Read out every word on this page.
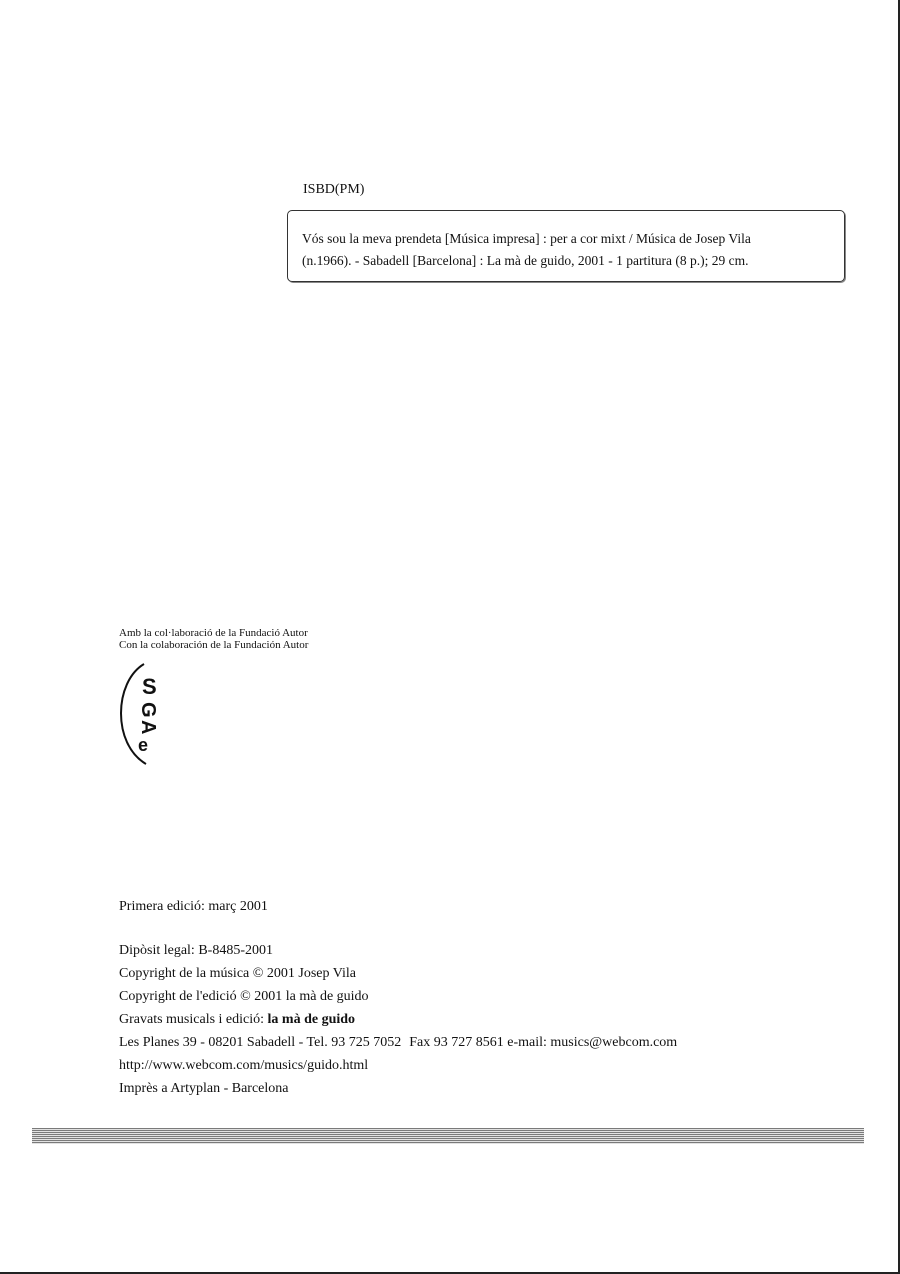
ISBD(PM)
Vós sou la meva prendeta [Música impresa] : per a cor mixt / Música de Josep Vila
(n.1966). - Sabadell [Barcelona] : La mà de guido, 2001 - 1 partitura (8 p.); 29 cm.
Amb la col·laboració de la Fundació Autor
Con la colaboración de la Fundación Autor
S
G
A
e
Primera edició: març 2001
Dipòsit legal: B-8485-2001
Copyright de la música © 2001 Josep Vila
Copyright de l'edició © 2001 la mà de guido
Gravats musicals i edició: la mà de guido
Les Planes 39 - 08201 Sabadell - Tel. 93 725 7052 Fax 93 727 8561 e-mail: musics@webcom.com
http://www.webcom.com/musics/guido.html
Imprès a Artyplan - Barcelona
